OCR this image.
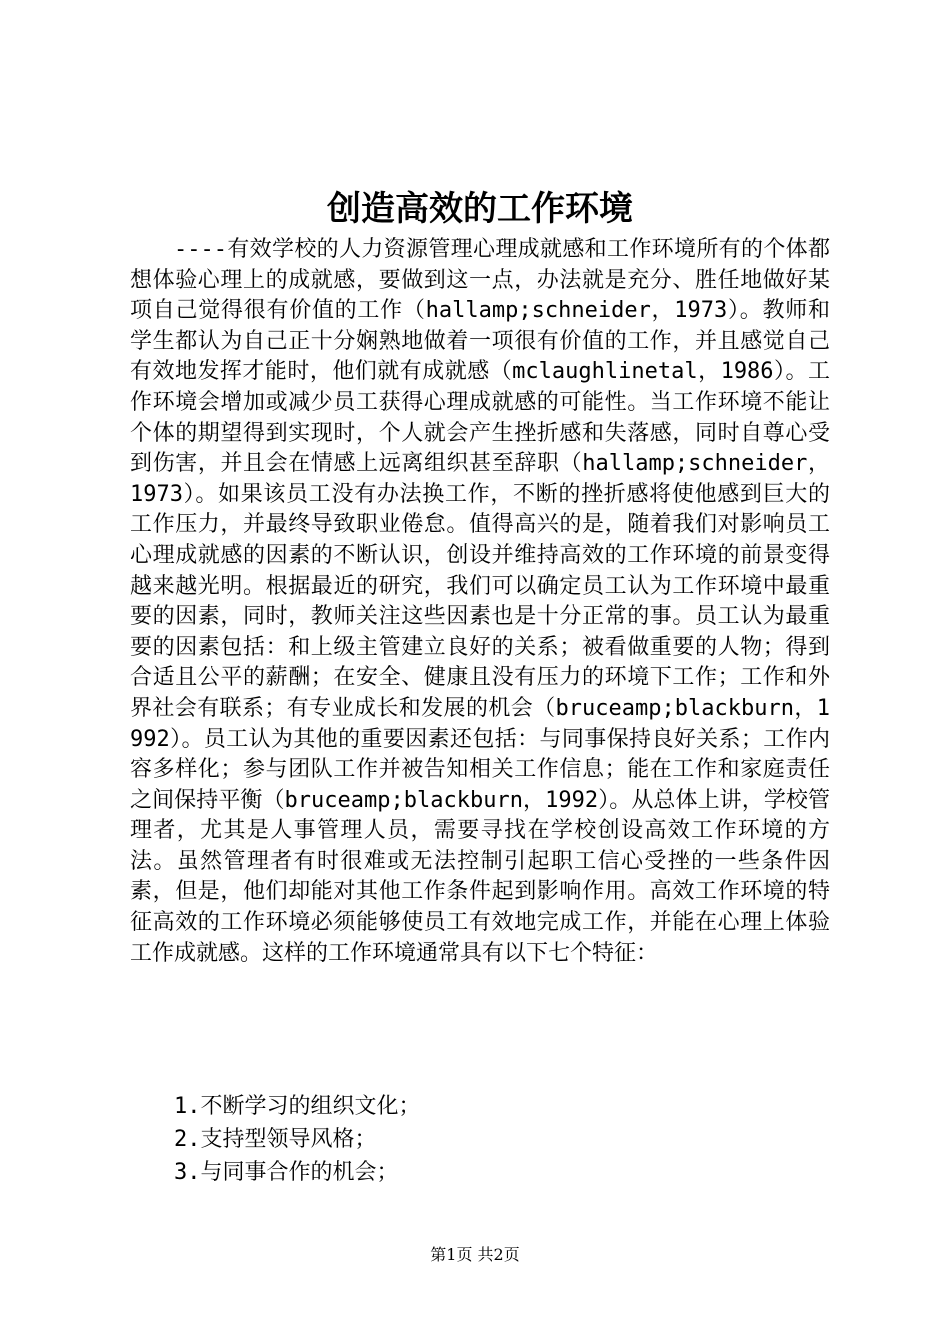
创造高效的工作环境

----有效学校的人力资源管理心理成就感和工作环境所有的个体都想体验心理上的成就感，要做到这一点，办法就是充分、胜任地做好某项自己觉得很有价值的工作（hallamp;schneider，1973）。教师和学生都认为自己正十分娴熟地做着一项很有价值的工作，并且感觉自己有效地发挥才能时，他们就有成就感（mclaughlinetal，1986）。工作环境会增加或减少员工获得心理成就感的可能性。当工作环境不能让个体的期望得到实现时，个人就会产生挫折感和失落感，同时自尊心受到伤害，并且会在情感上远离组织甚至辞职（hallamp;schneider，1973）。如果该员工没有办法换工作，不断的挫折感将使他感到巨大的工作压力，并最终导致职业倦怠。值得高兴的是，随着我们对影响员工心理成就感的因素的不断认识，创设并维持高效的工作环境的前景变得越来越光明。根据最近的研究，我们可以确定员工认为工作环境中最重要的因素，同时，教师关注这些因素也是十分正常的事。员工认为最重要的因素包括：和上级主管建立良好的关系；被看做重要的人物；得到合适且公平的薪酬；在安全、健康且没有压力的环境下工作；工作和外界社会有联系；有专业成长和发展的机会（bruceamp;blackburn，1992）。员工认为其他的重要因素还包括：与同事保持良好关系；工作内容多样化；参与团队工作并被告知相关工作信息；能在工作和家庭责任之间保持平衡（bruceamp;blackburn，1992）。从总体上讲，学校管理者，尤其是人事管理人员，需要寻找在学校创设高效工作环境的方法。虽然管理者有时很难或无法控制引起职工信心受挫的一些条件因素，但是，他们却能对其他工作条件起到影响作用。高效工作环境的特征高效的工作环境必须能够使员工有效地完成工作，并能在心理上体验工作成就感。这样的工作环境通常具有以下七个特征：

1.不断学习的组织文化；
2.支持型领导风格；
3.与同事合作的机会；
第1页 共2页
